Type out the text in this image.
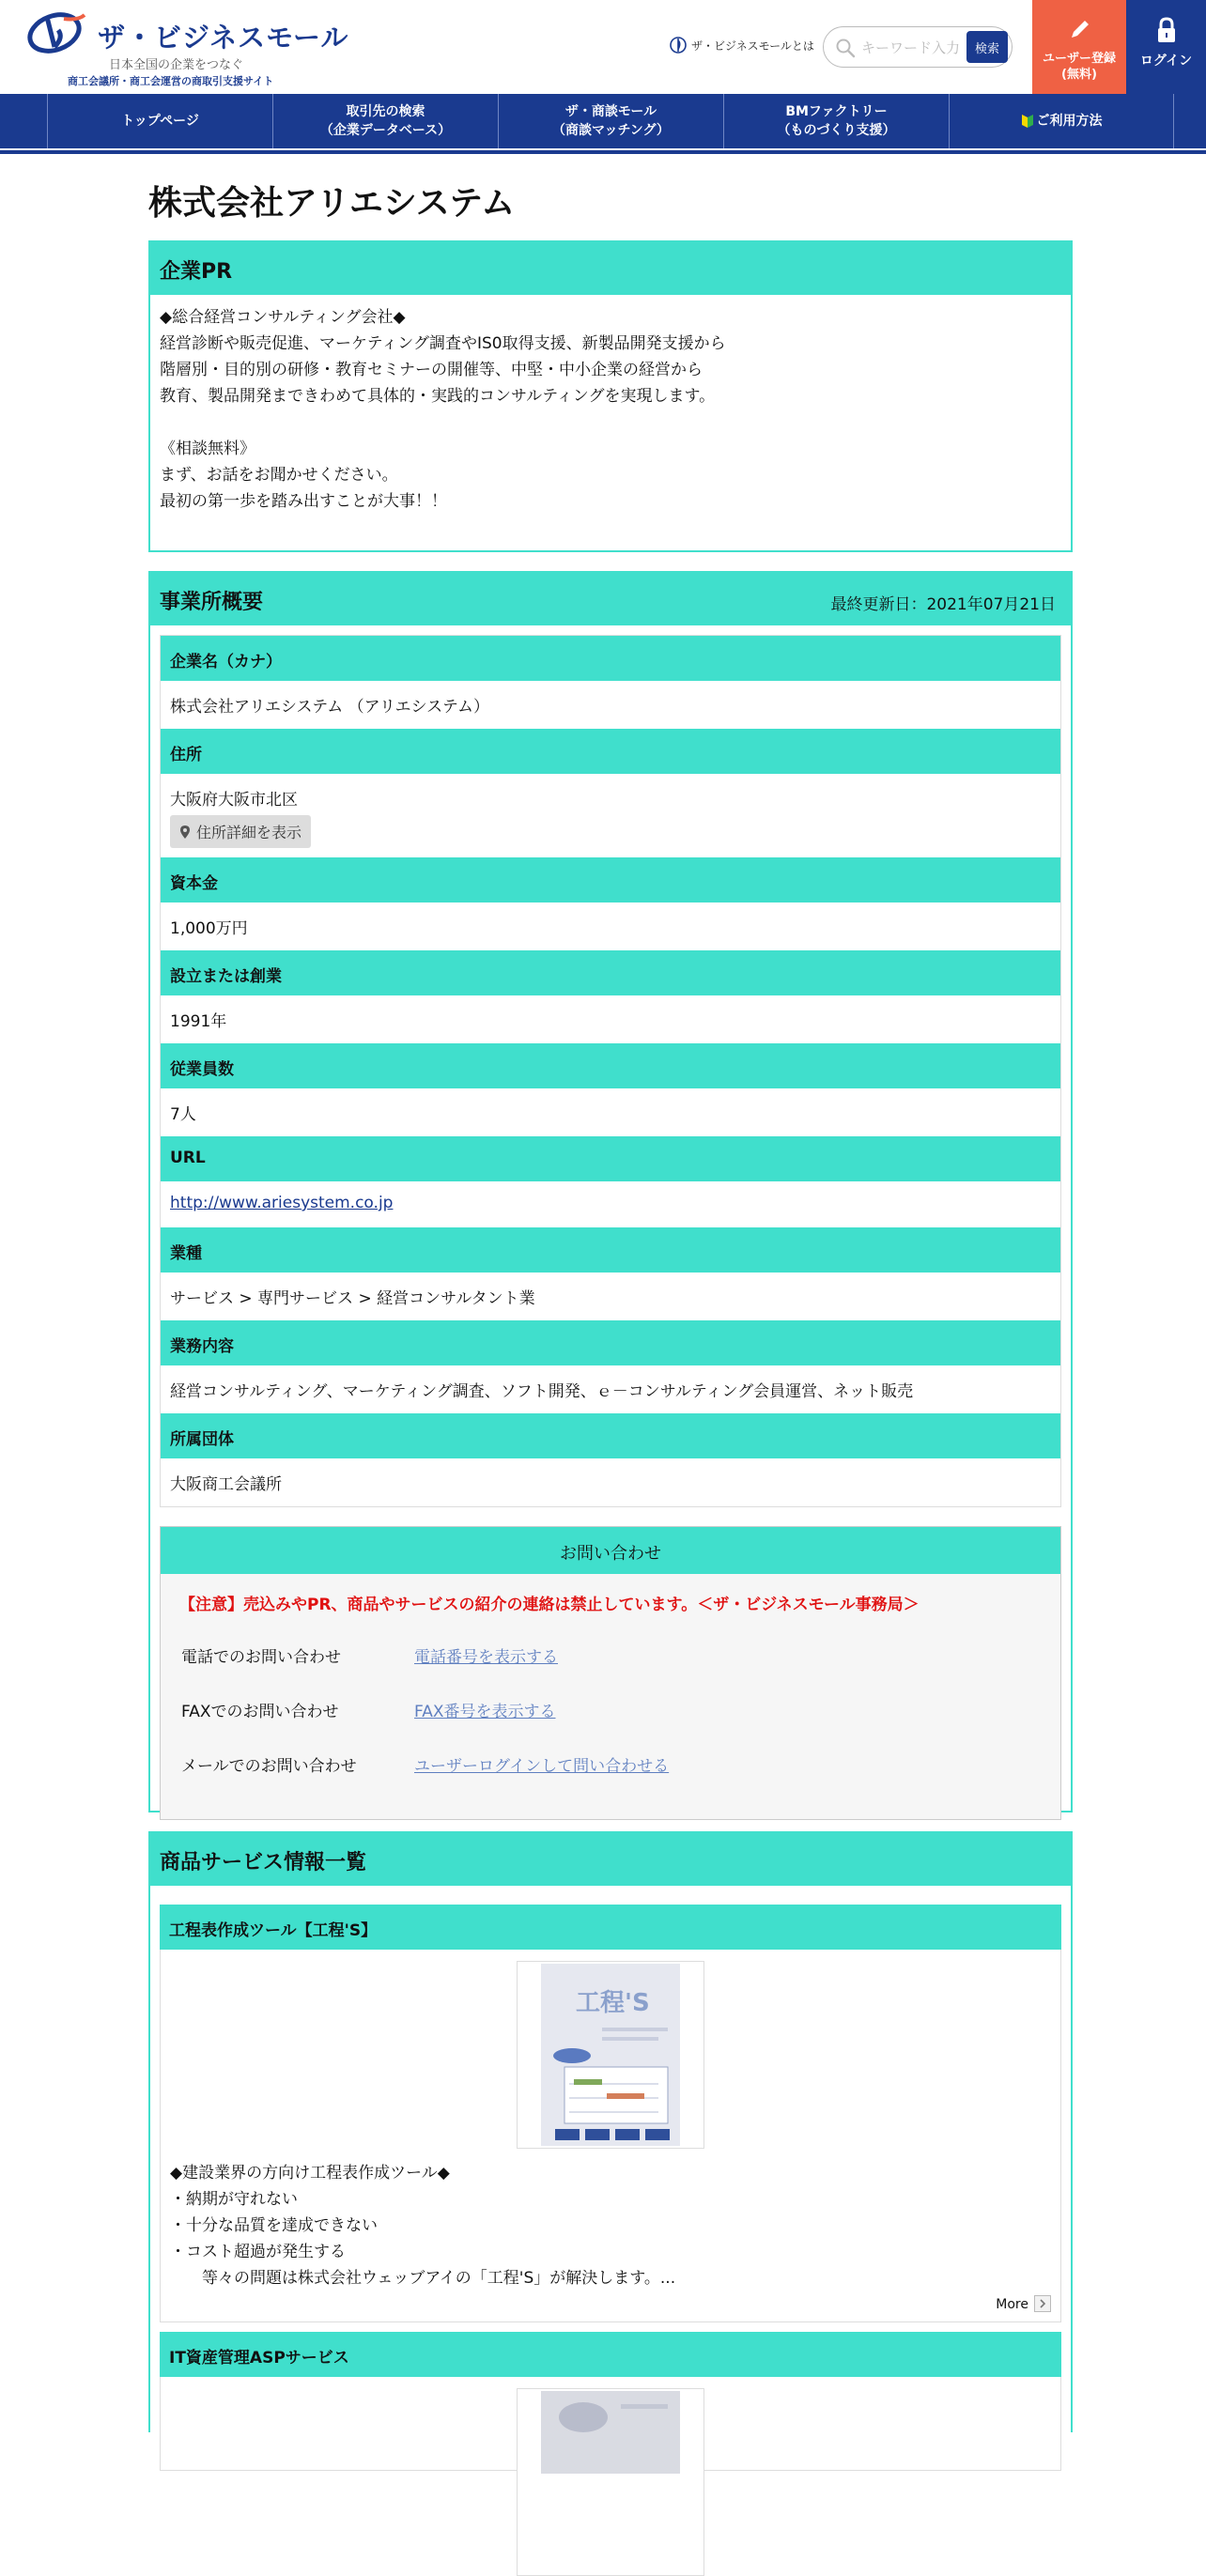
ザ・ビジネスモール
日本全国の企業をつなぐ
商工会議所・商工会運営の商取引支援サイト
ザ・ビジネスモールとは
キーワード入力	検索
ユーザー登録
(無料)
ログイン
トップページ
取引先の検索
（企業データベース）
ザ・商談モール
（商談マッチング）
BMファクトリー
（ものづくり支援）
ご利用方法
株式会社アリエシステム
企業PR
◆総合経営コンサルティング会社◆
経営診断や販売促進、マーケティング調査やIS0取得支援、新製品開発支援から
階層別・目的別の研修・教育セミナーの開催等、中堅・中小企業の経営から
教育、製品開発まできわめて具体的・実践的コンサルティングを実現します。

《相談無料》
まず、お話をお聞かせください。
最初の第一歩を踏み出すことが大事！！
事業所概要	最終更新日：2021年07月21日
企業名（カナ）
株式会社アリエシステム （アリエシステム）
住所
大阪府大阪市北区
住所詳細を表示
資本金
1,000万円
設立または創業
1991年
従業員数
7人
URL
http://www.ariesystem.co.jp
業種
サービス > 専門サービス > 経営コンサルタント業
業務内容
経営コンサルティング、マーケティング調査、ソフト開発、ｅ－コンサルティング会員運営、ネット販売
所属団体
大阪商工会議所
お問い合わせ
【注意】売込みやPR、商品やサービスの紹介の連絡は禁止しています。＜ザ・ビジネスモール事務局＞
電話でのお問い合わせ	電話番号を表示する
FAXでのお問い合わせ	FAX番号を表示する
メールでのお問い合わせ	ユーザーログインして問い合わせる
商品サービス情報一覧
工程表作成ツール【工程'S】
工程'S
◆建設業界の方向け工程表作成ツール◆
・納期が守れない
・十分な品質を達成できない
・コスト超過が発生する
　　等々の問題は株式会社ウェッブアイの「工程'S」が解決します。...
More
IT資産管理ASPサービス
